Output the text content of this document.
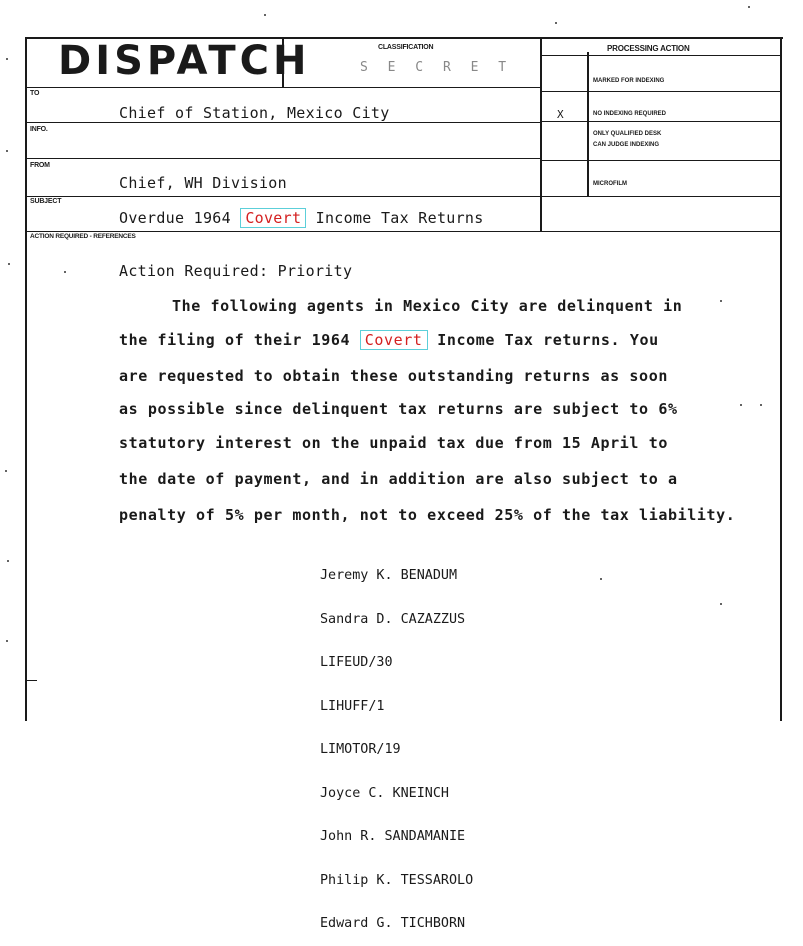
DISPATCH	CLASSIFICATION
S E C R E T
PROCESSING ACTION
MARKED FOR INDEXING
NO INDEXING REQUIRED
X
ONLY QUALIFIED DESK
CAN JUDGE INDEXING
MICROFILM
TO
Chief of Station, Mexico City
INFO.
FROM
Chief, WH Division
SUBJECT
Overdue 1964 Covert Income Tax Returns
ACTION REQUIRED - REFERENCES
Action Required: Priority
The following agents in Mexico City are delinquent in
the filing of their 1964 Covert Income Tax returns. You
are requested to obtain these outstanding returns as soon
as possible since delinquent tax returns are subject to 6%
statutory interest on the unpaid tax due from 15 April to
the date of payment, and in addition are also subject to a
penalty of 5% per month, not to exceed 25% of the tax liability.

Jeremy K. BENADUM

Sandra D. CAZAZZUS

LIFEUD/30

LIHUFF/1

LIMOTOR/19

Joyce C. KNEINCH

John R. SANDAMANIE

Philip K. TESSAROLO

Edward G. TICHBORN
